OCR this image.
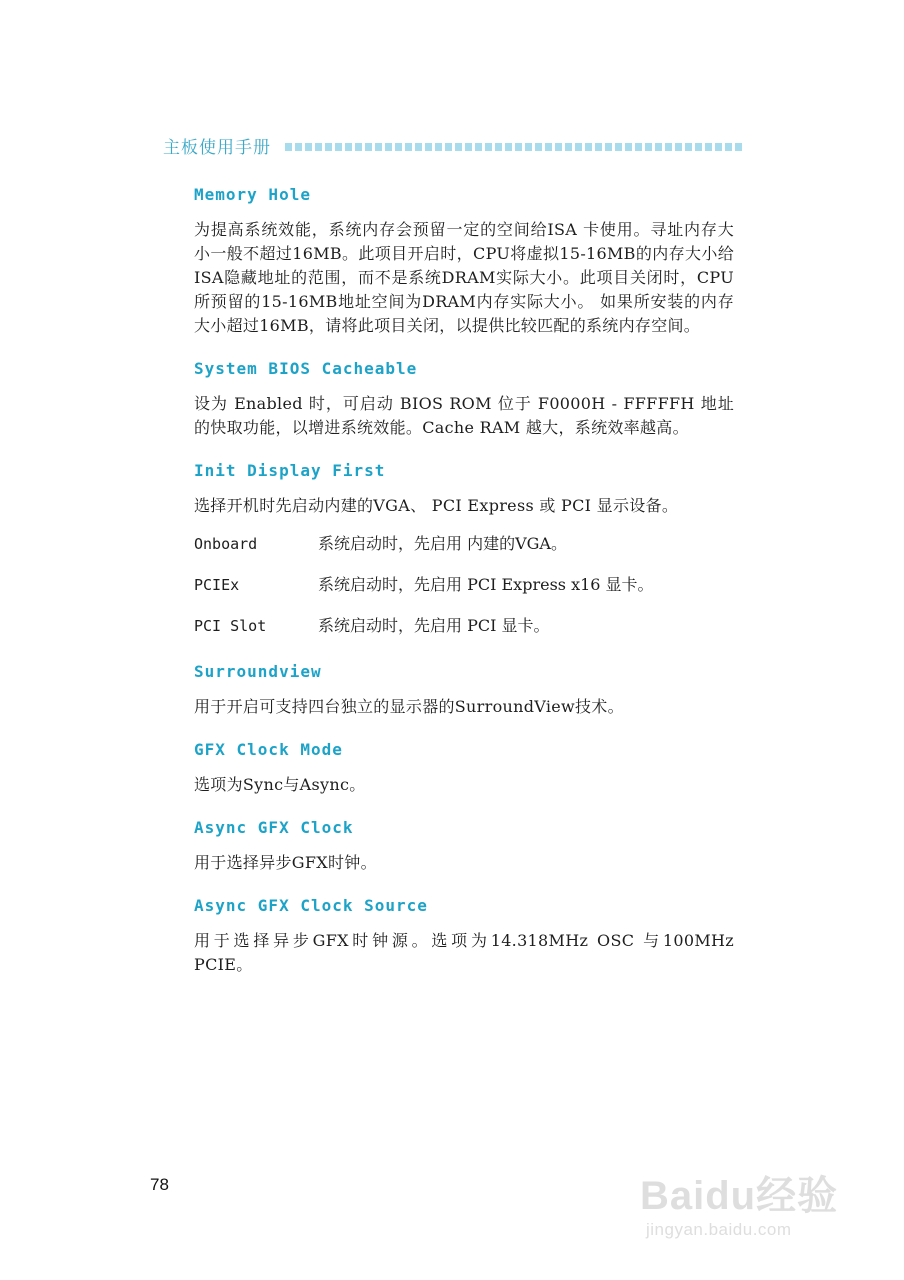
主板使用手册
Memory Hole

为提高系统效能，系统内存会预留一定的空间给ISA 卡使用。寻址内存大小一般不超过16MB。此项目开启时，CPU将虚拟15-16MB的内存大小给ISA隐藏地址的范围，而不是系统DRAM实际大小。此项目关闭时，CPU所预留的15-16MB地址空间为DRAM内存实际大小。 如果所安装的内存大小超过16MB，请将此项目关闭，以提供比较匹配的系统内存空间。

System BIOS Cacheable

设为 Enabled 时，可启动 BIOS ROM 位于 F0000H - FFFFFH 地址的快取功能，以增进系统效能。Cache RAM 越大，系统效率越高。

Init Display First

选择开机时先启动内建的VGA、 PCI Express 或 PCI 显示设备。

Onboard	系统启动时，先启用 内建的VGA。
PCIEx	系统启动时，先启用 PCI Express x16 显卡。
PCI Slot	系统启动时，先启用 PCI 显卡。
Surroundview

用于开启可支持四台独立的显示器的SurroundView技术。

GFX Clock Mode

选项为Sync与Async。

Async GFX Clock

用于选择异步GFX时钟。

Async GFX Clock Source

用于选择异步GFX时钟源。选项为14.318MHz OSC 与100MHz PCIE。

78	Baidu经验
jingyan.baidu.com
